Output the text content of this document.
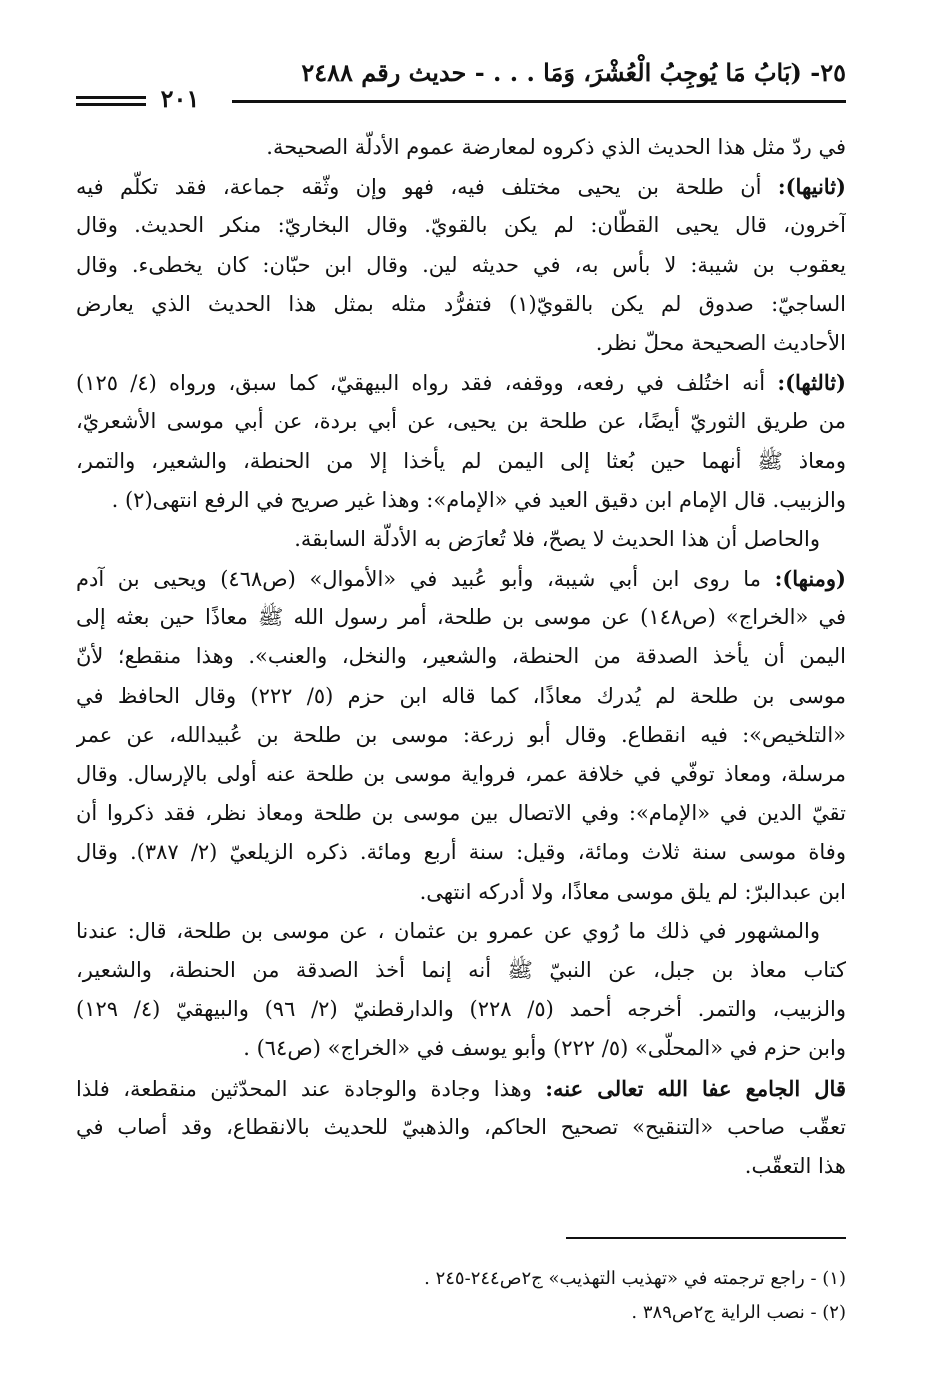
٢٥- (بَابُ مَا يُوجِبُ الْعُشْرَ، وَمَا . . . - حديث رقم ٢٤٨٨
٢٠١
في ردّ مثل هذا الحديث الذي ذكروه لمعارضة عموم الأدلّة الصحيحة.
(ثانيها): أن طلحة بن يحيى مختلف فيه، فهو وإن وثّقه جماعة، فقد تكلّم فيه
آخرون، قال يحيى القطّان: لم يكن بالقويّ. وقال البخاريّ: منكر الحديث. وقال
يعقوب بن شيبة: لا بأس به، في حديثه لين. وقال ابن حبّان: كان يخطىء. وقال
الساجيّ: صدوق لم يكن بالقويّ(١) فتفرُّد مثله بمثل هذا الحديث الذي يعارض
الأحاديث الصحيحة محلّ نظر.
(ثالثها): أنه اختُلف في رفعه، ووقفه، فقد رواه البيهقيّ، كما سبق، ورواه (٤/ ١٢٥)
من طريق الثوريّ أيضًا، عن طلحة بن يحيى، عن أبي بردة، عن أبي موسى الأشعريّ،
ومعاذ ﷺ أنهما حين بُعثا إلى اليمن لم يأخذا إلا من الحنطة، والشعير، والتمر،
والزبيب. قال الإمام ابن دقيق العيد في «الإمام»: وهذا غير صريح في الرفع انتهى(٢) .
والحاصل أن هذا الحديث لا يصحّ، فلا تُعارَض به الأدلّة السابقة.
(ومنها): ما روى ابن أبي شيبة، وأبو عُبيد في «الأموال» (ص٤٦٨) ويحيى بن آدم
في «الخراج» (ص١٤٨) عن موسى بن طلحة، أمر رسول الله ﷺ معاذًا حين بعثه إلى
اليمن أن يأخذ الصدقة من الحنطة، والشعير، والنخل، والعنب». وهذا منقطع؛ لأنّ
موسى بن طلحة لم يُدرك معاذًا، كما قاله ابن حزم (٥/ ٢٢٢) وقال الحافظ في
«التلخيص»: فيه انقطاع. وقال أبو زرعة: موسى بن طلحة بن عُبيدالله، عن عمر
مرسلة، ومعاذ توفّي في خلافة عمر، فرواية موسى بن طلحة عنه أولى بالإرسال. وقال
تقيّ الدين في «الإمام»: وفي الاتصال بين موسى بن طلحة ومعاذ نظر، فقد ذكروا أن
وفاة موسى سنة ثلاث ومائة، وقيل: سنة أربع ومائة. ذكره الزيلعيّ (٢/ ٣٨٧). وقال
ابن عبدالبرّ: لم يلق موسى معاذًا، ولا أدركه انتهى.
والمشهور في ذلك ما رُوي عن عمرو بن عثمان ، عن موسى بن طلحة، قال: عندنا
كتاب معاذ بن جبل، عن النبيّ ﷺ أنه إنما أخذ الصدقة من الحنطة، والشعير،
والزبيب، والتمر. أخرجه أحمد (٥/ ٢٢٨) والدارقطنيّ (٢/ ٩٦) والبيهقيّ (٤/ ١٢٩)
وابن حزم في «المحلّى» (٥/ ٢٢٢) وأبو يوسف في «الخراج» (ص٦٤) .
قال الجامع عفا الله تعالى عنه: وهذا وجادة والوجادة عند المحدّثين منقطعة، فلذا
تعقّب صاحب «التنقيح» تصحيح الحاكم، والذهبيّ للحديث بالانقطاع، وقد أصاب في
هذا التعقّب.
(١) - راجع ترجمته في «تهذيب التهذيب» ج٢ص٢٤٤-٢٤٥ .
(٢) - نصب الراية ج٢ص٣٨٩ .
